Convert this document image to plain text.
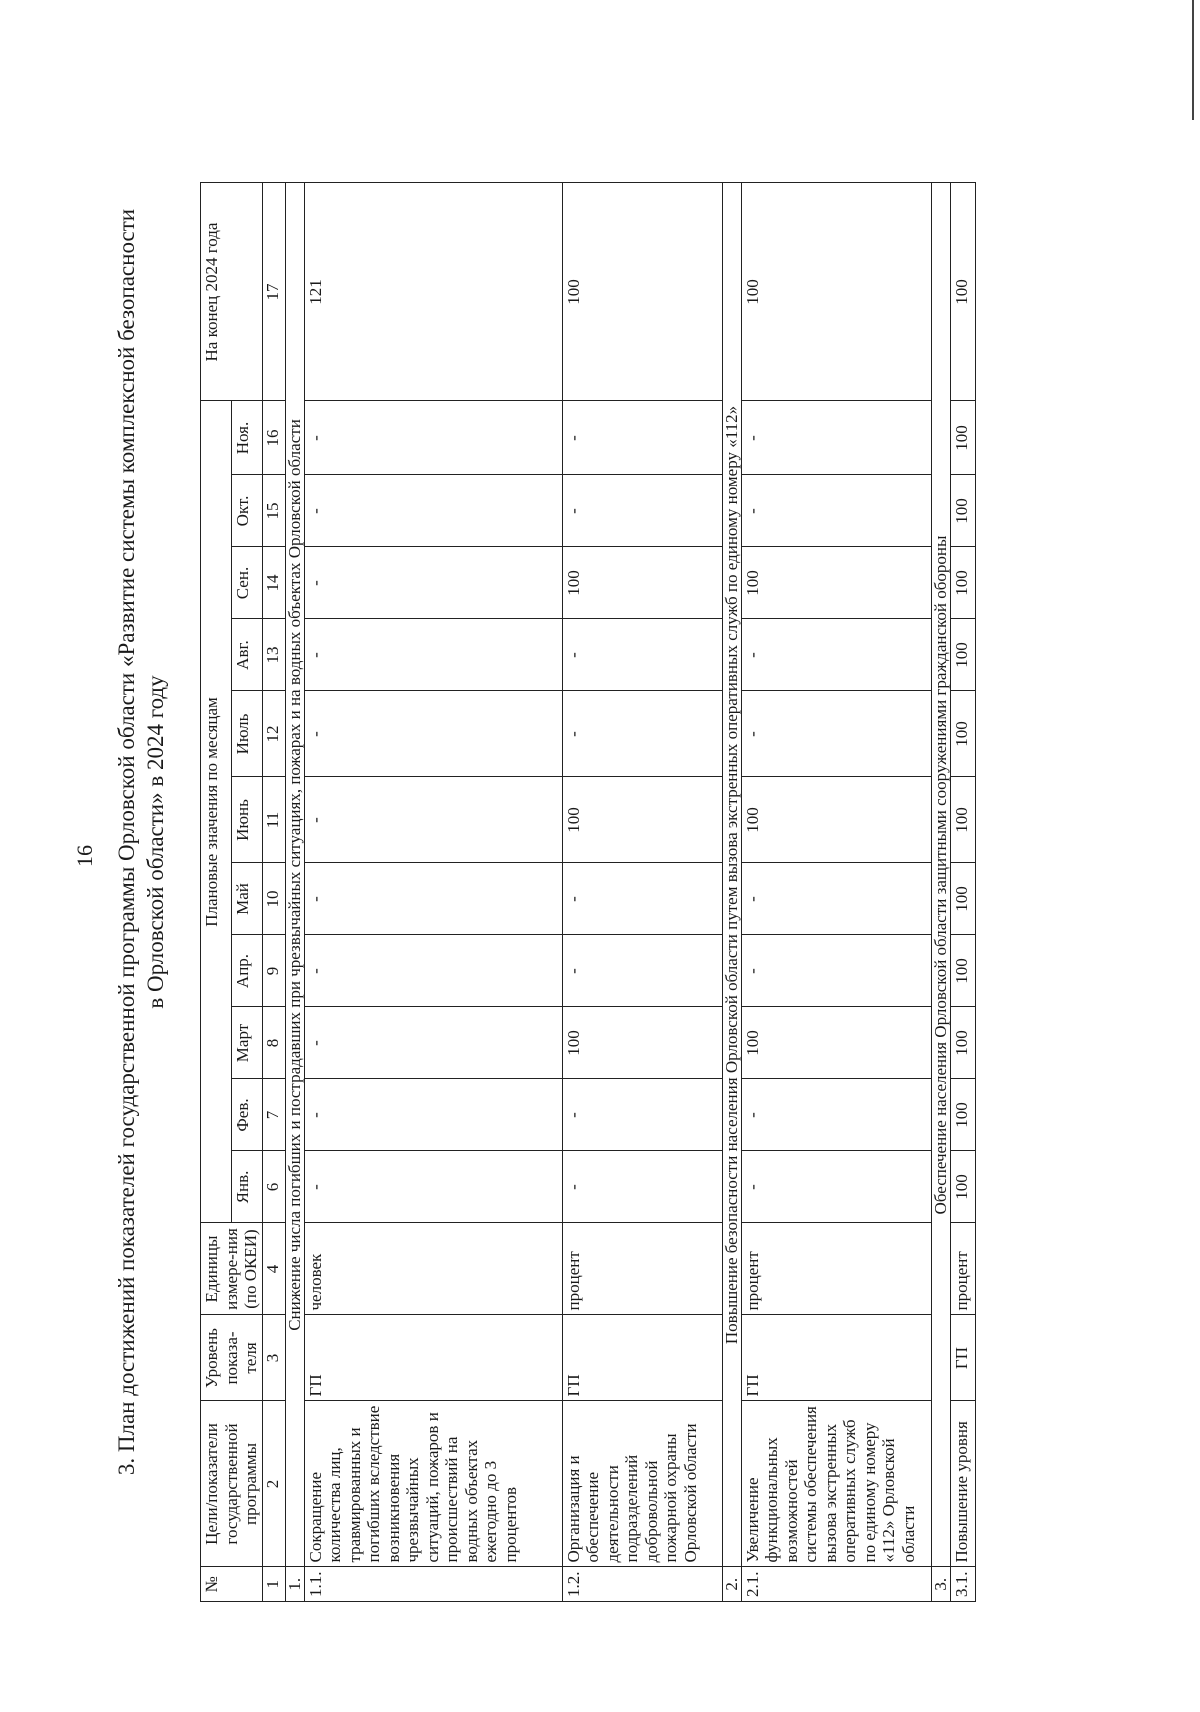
16 3. План достижений показателей государственной программы Орловской области «Развитие системы комплексной безопасности в Орловской области» в 2024 году
№	Цели/показатели государственной программы	Уровень показа-теля	Единицы измере-ния (по ОКЕИ)	Плановые значения по месяцам											На конец 2024 года
				Янв.	Фев.	Март	Апр.	Май	Июнь	Июль	Авг.	Сен.	Окт.	Ноя.	
1	2	3	4	6	7	8	9	10	11	12	13	14	15	16	17
1.	Снижение числа погибших и пострадавших при чрезвычайных ситуациях, пожарах и на водных объектах Орловской области														
1.1.	Сокращение количества лиц, травмированных и погибших вследствие возникновения чрезвычайных ситуаций, пожаров и происшествий на водных объектах ежегодно до 3 процентов	ГП	человек	-	-	-	-	-	-	-	-	-	-	-	121
1.2.	Организация и обеспечение деятельности подразделений добровольной пожарной охраны Орловской области	ГП	процент	-	-	100	-	-	100	-	-	100	-	-	100
2.	Повышение безопасности населения Орловской области путем вызова экстренных оперативных служб по единому номеру «112»														
2.1.	Увеличение функциональных возможностей системы обеспечения вызова экстренных оперативных служб по единому номеру «112» Орловской области	ГП	процент	-	-	100	-	-	100	-	-	100	-	-	100
3.	Обеспечение населения Орловской области защитными сооружениями гражданской обороны														
3.1.	Повышение уровня	ГП	процент	100	100	100	100	100	100	100	100	100	100	100	100
